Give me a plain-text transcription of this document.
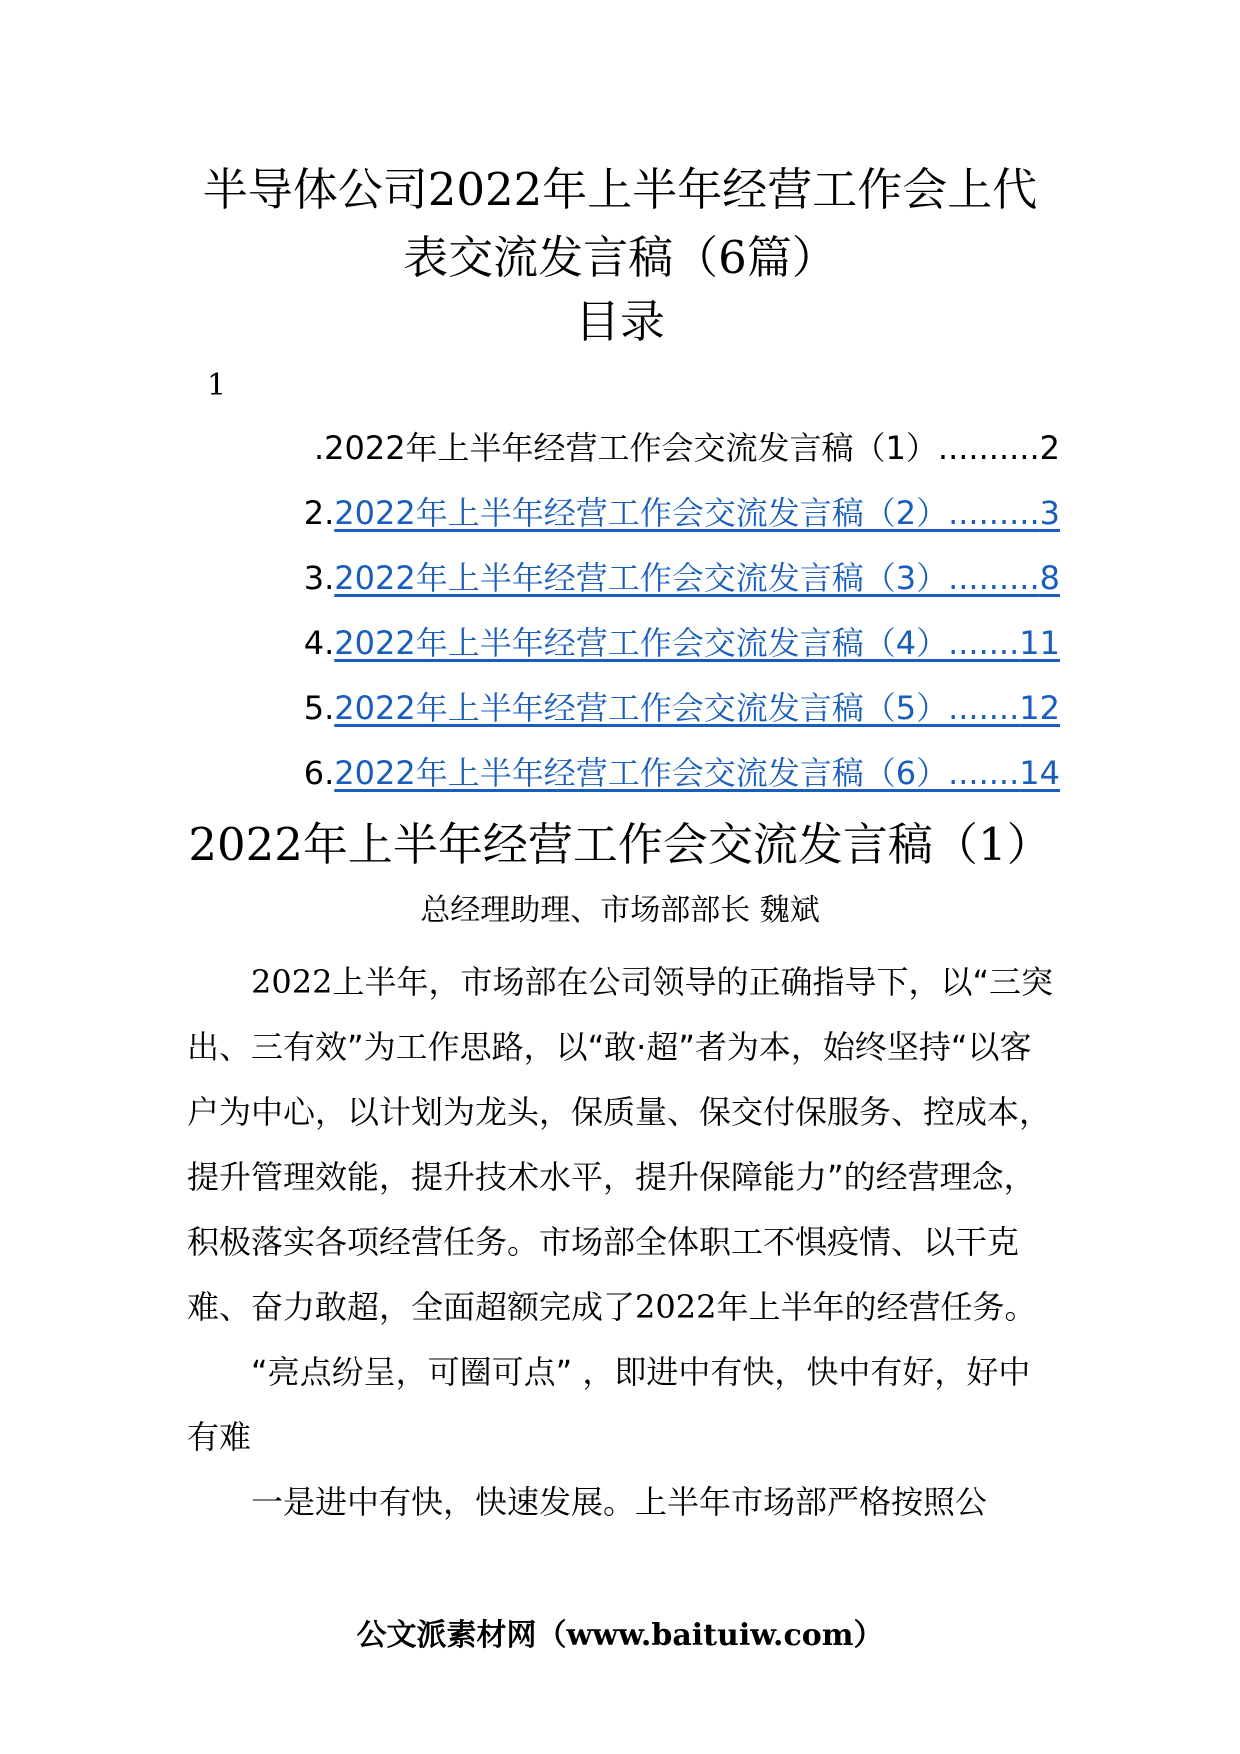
半导体公司2022年上半年经营工作会上代
表交流发言稿（6篇）
目录
1
.2022年上半年经营工作会交流发言稿（1）..........2
2.2022年上半年经营工作会交流发言稿（2）.........3
3.2022年上半年经营工作会交流发言稿（3）.........8
4.2022年上半年经营工作会交流发言稿（4）.......11
5.2022年上半年经营工作会交流发言稿（5）.......12
6.2022年上半年经营工作会交流发言稿（6）.......14
2022年上半年经营工作会交流发言稿（1）
总经理助理、市场部部长 魏斌

2022上半年，市场部在公司领导的正确指导下，以“三突出、三有效”为工作思路，以“敢·超”者为本，始终坚持“以客户为中心，以计划为龙头，保质量、保交付保服务、控成本，提升管理效能，提升技术水平，提升保障能力”的经营理念，积极落实各项经营任务。市场部全体职工不惧疫情、以干克难、奋力敢超，全面超额完成了2022年上半年的经营任务。

“亮点纷呈，可圈可点” ，即进中有快，快中有好，好中有难

一是进中有快，快速发展。上半年市场部严格按照公

公文派素材网（www.baituiw.com）
